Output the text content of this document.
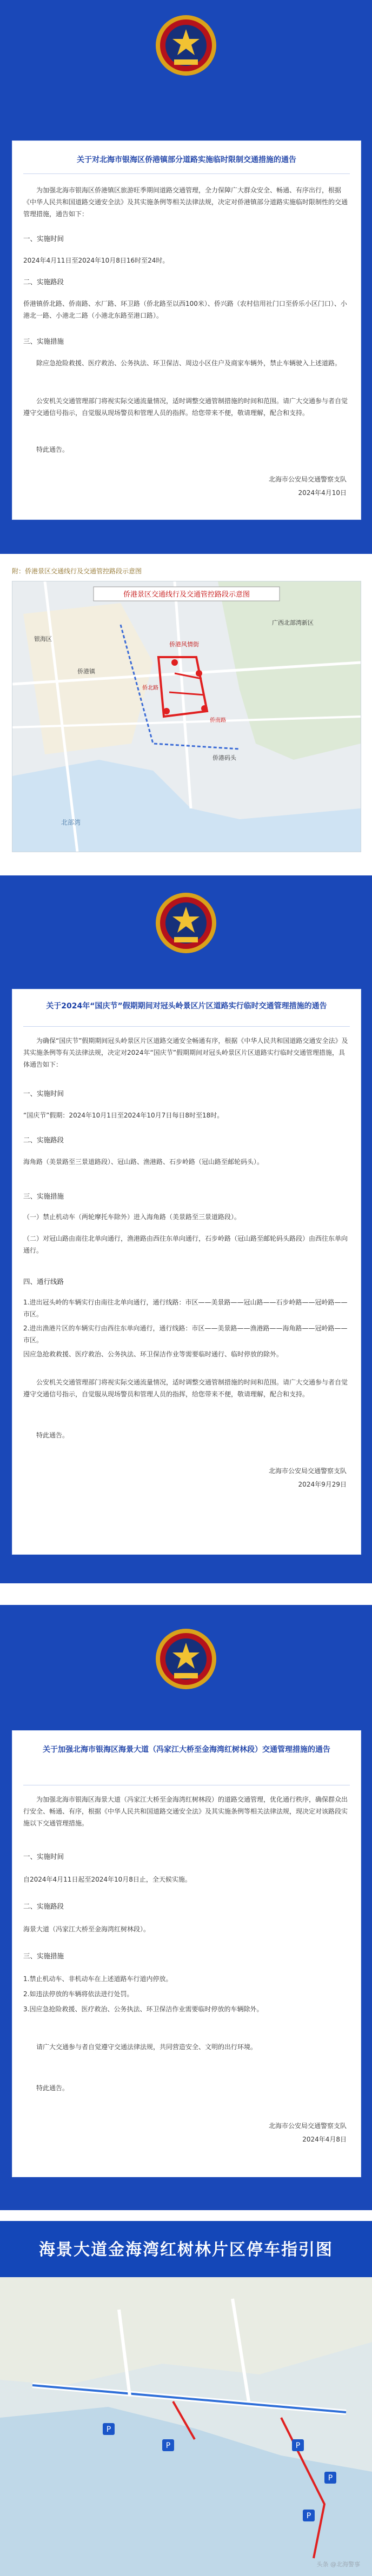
关于对北海市银海区侨港镇部分道路实施临时限制交通措施的通告
为加强北海市银海区侨港镇区旅游旺季期间道路交通管理，全力保障广大群众安全、畅通、有序出行，根据《中华人民共和国道路交通安全法》及其实施条例等相关法律法规，决定对侨港镇部分道路实施临时限制性的交通管理措施，通告如下：
一、实施时间
2024年4月11日至2024年10月8日16时至24时。
二、实施路段
侨港镇侨北路、侨南路、水厂路、环卫路（侨北路至以西100米）、侨兴路（农村信用社门口至侨乐小区门口）、小港北一路、小港北二路（小港北东路至港口路）。
三、实施措施
除应急抢险救援、医疗救治、公务执法、环卫保洁、周边小区住户及商家车辆外，禁止车辆驶入上述道路。
公安机关交通管理部门将视实际交通流量情况，适时调整交通管制措施的时间和范围。请广大交通参与者自觉遵守交通信号指示，自觉服从现场警员和管理人员的指挥。给您带来不便，敬请理解，配合和支持。
特此通告。
北海市公安局交通警察支队
2024年4月10日
附：侨港景区交通线行及交通管控路段示意图
侨港景区交通线行及交通管控路段示意图
侨港镇
侨港风情街
银海区
北部湾
广西北部湾新区
侨港码头
侨北路
侨南路
关于2024年“国庆节”假期期间对冠头岭景区片区道路实行临时交通管理措施的通告
为确保“国庆节”假期期间冠头岭景区片区道路交通安全畅通有序，根据《中华人民共和国道路交通安全法》及其实施条例等有关法律法规，决定对2024年“国庆节”假期期间对冠头岭景区片区道路实行临时交通管理措施，具体通告如下：
一、实施时间
“国庆节”假期：2024年10月1日至2024年10月7日每日8时至18时。
二、实施路段
海角路（美景路至三景道路段）、冠山路、渔港路、石步岭路（冠山路至邮轮码头）。
三、实施措施
（一）禁止机动车（两轮摩托车除外）进入海角路（美景路至三景道路段）。
（二）对冠山路由南往北单向通行，渔港路由西往东单向通行，石步岭路（冠山路至邮轮码头路段）由西往东单向通行。
四、通行线路
1.进出冠头岭的车辆实行由南往北单向通行，通行线路：市区——美景路——冠山路——石步岭路——冠岭路——市区。
2.进出渔港片区的车辆实行由西往东单向通行，通行线路：市区——美景路——渔港路——海角路——冠岭路——市区。
因应急抢救救援、医疗救治、公务执法、环卫保洁作业等需要临时通行、临时停放的除外。
公安机关交通管理部门将视实际交通流量情况，适时调整交通管制措施的时间和范围。请广大交通参与者自觉遵守交通信号指示，自觉服从现场警员和管理人员的指挥，给您带来不便，敬请理解，配合和支持。
特此通告。
北海市公安局交通警察支队
2024年9月29日
关于加强北海市银海区海景大道（冯家江大桥至金海湾红树林段）交通管理措施的通告
为加强北海市银海区海景大道（冯家江大桥至金海湾红树林段）的道路交通管理，优化通行秩序，确保群众出行安全、畅通、有序，根据《中华人民共和国道路交通安全法》及其实施条例等相关法律法规，现决定对该路段实施以下交通管理措施。
一、实施时间
自2024年4月11日起至2024年10月8日止，全天候实施。
二、实施路段
海景大道（冯家江大桥至金海湾红树林段）。
三、实施措施
1.禁止机动车、非机动车在上述道路车行道内停放。
2.如违法停放的车辆将依法进行处罚。
3.因应急抢险救援、医疗救治、公务执法、环卫保洁作业需要临时停放的车辆除外。
请广大交通参与者自觉遵守交通法律法规，共同营造安全、文明的出行环境。
特此通告。
北海市公安局交通警察支队
2024年4月8日
海景大道金海湾红树林片区停车指引图
P
P
P
P
P
头条 @北海警事
